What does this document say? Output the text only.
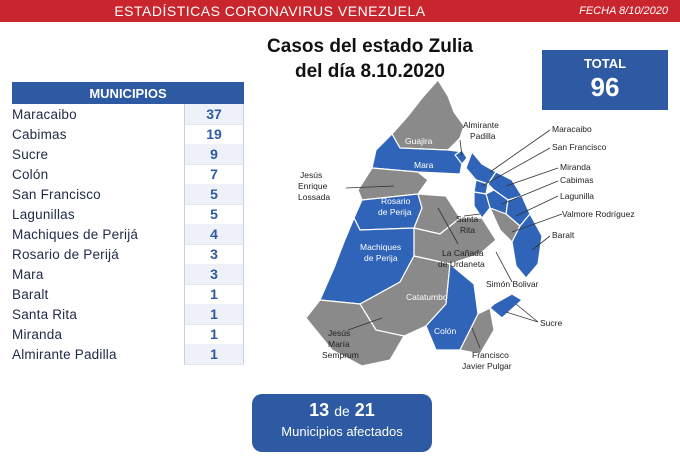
ESTADÍSTICAS CORONAVIRUS VENEZUELA	FECHA 8/10/2020
Casos del estado Zulia
del día 8.10.2020	TOTAL
96
MUNICIPIOS
Maracaibo	37
Cabimas	19
Sucre	9
Colón	7
San Francisco	5
Lagunillas	5
Machiques de Perijá	4
Rosario de Perijá	3
Mara	3
Baralt	1
Santa Rita	1
Miranda	1
Almirante Padilla	1
Guajira
Mara
Almirante
Padilla
Maracaibo
San Francisco
Miranda
Cabimas
Lagunilla
Valmore Rodríguez
Baralt
Jesús
Enrique
Lossada	Rosario
de Perija
Machiques
de Perija
Santa
Rita
La Cañada
de Urdaneta
Simón Bolivar
Catatumbo
Colón
Sucre
Jesús
María
Semprum	Francisco
Javier Pulgar
13 de 21
Municipios afectados
